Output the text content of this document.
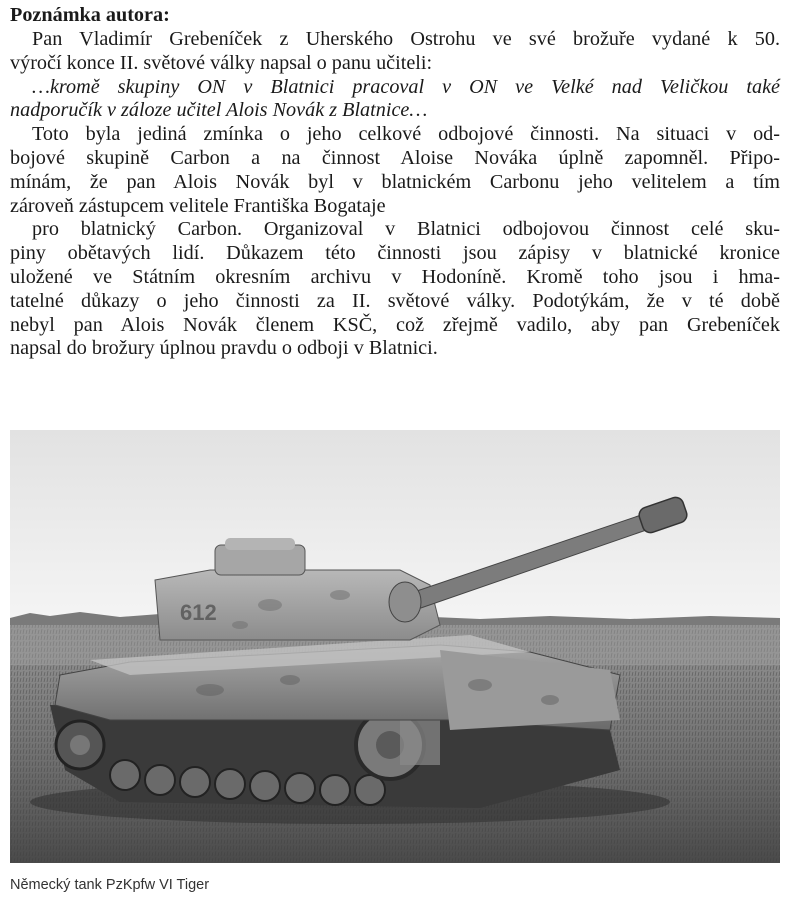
Poznámka autora:
Pan Vladimír Grebeníček z Uherského Ostrohu ve své brožuře vydané k 50.
výročí konce II. světové války napsal o panu učiteli:
…kromě skupiny ON v Blatnici pracoval v ON ve Velké nad Veličkou také
nadporučík v záloze učitel Alois Novák z Blatnice…
Toto byla jediná zmínka o jeho celkové odbojové činnosti. Na situaci v od-
bojové skupině Carbon a na činnost Aloise Nováka úplně zapomněl. Připo-
mínám, že pan Alois Novák byl v blatnickém Carbonu jeho velitelem a tím
zároveň zástupcem velitele Františka Bogataje
pro blatnický Carbon. Organizoval v Blatnici odbojovou činnost celé sku-
piny obětavých lidí. Důkazem této činnosti jsou zápisy v blatnické kronice
uložené ve Státním okresním archivu v Hodoníně. Kromě toho jsou i hma-
tatelné důkazy o jeho činnosti za II. světové války. Podotýkám, že v té době
nebyl pan Alois Novák členem KSČ, což zřejmě vadilo, aby pan Grebeníček
napsal do brožury úplnou pravdu o odboji v Blatnici.
612
Německý tank PzKpfw VI Tiger
